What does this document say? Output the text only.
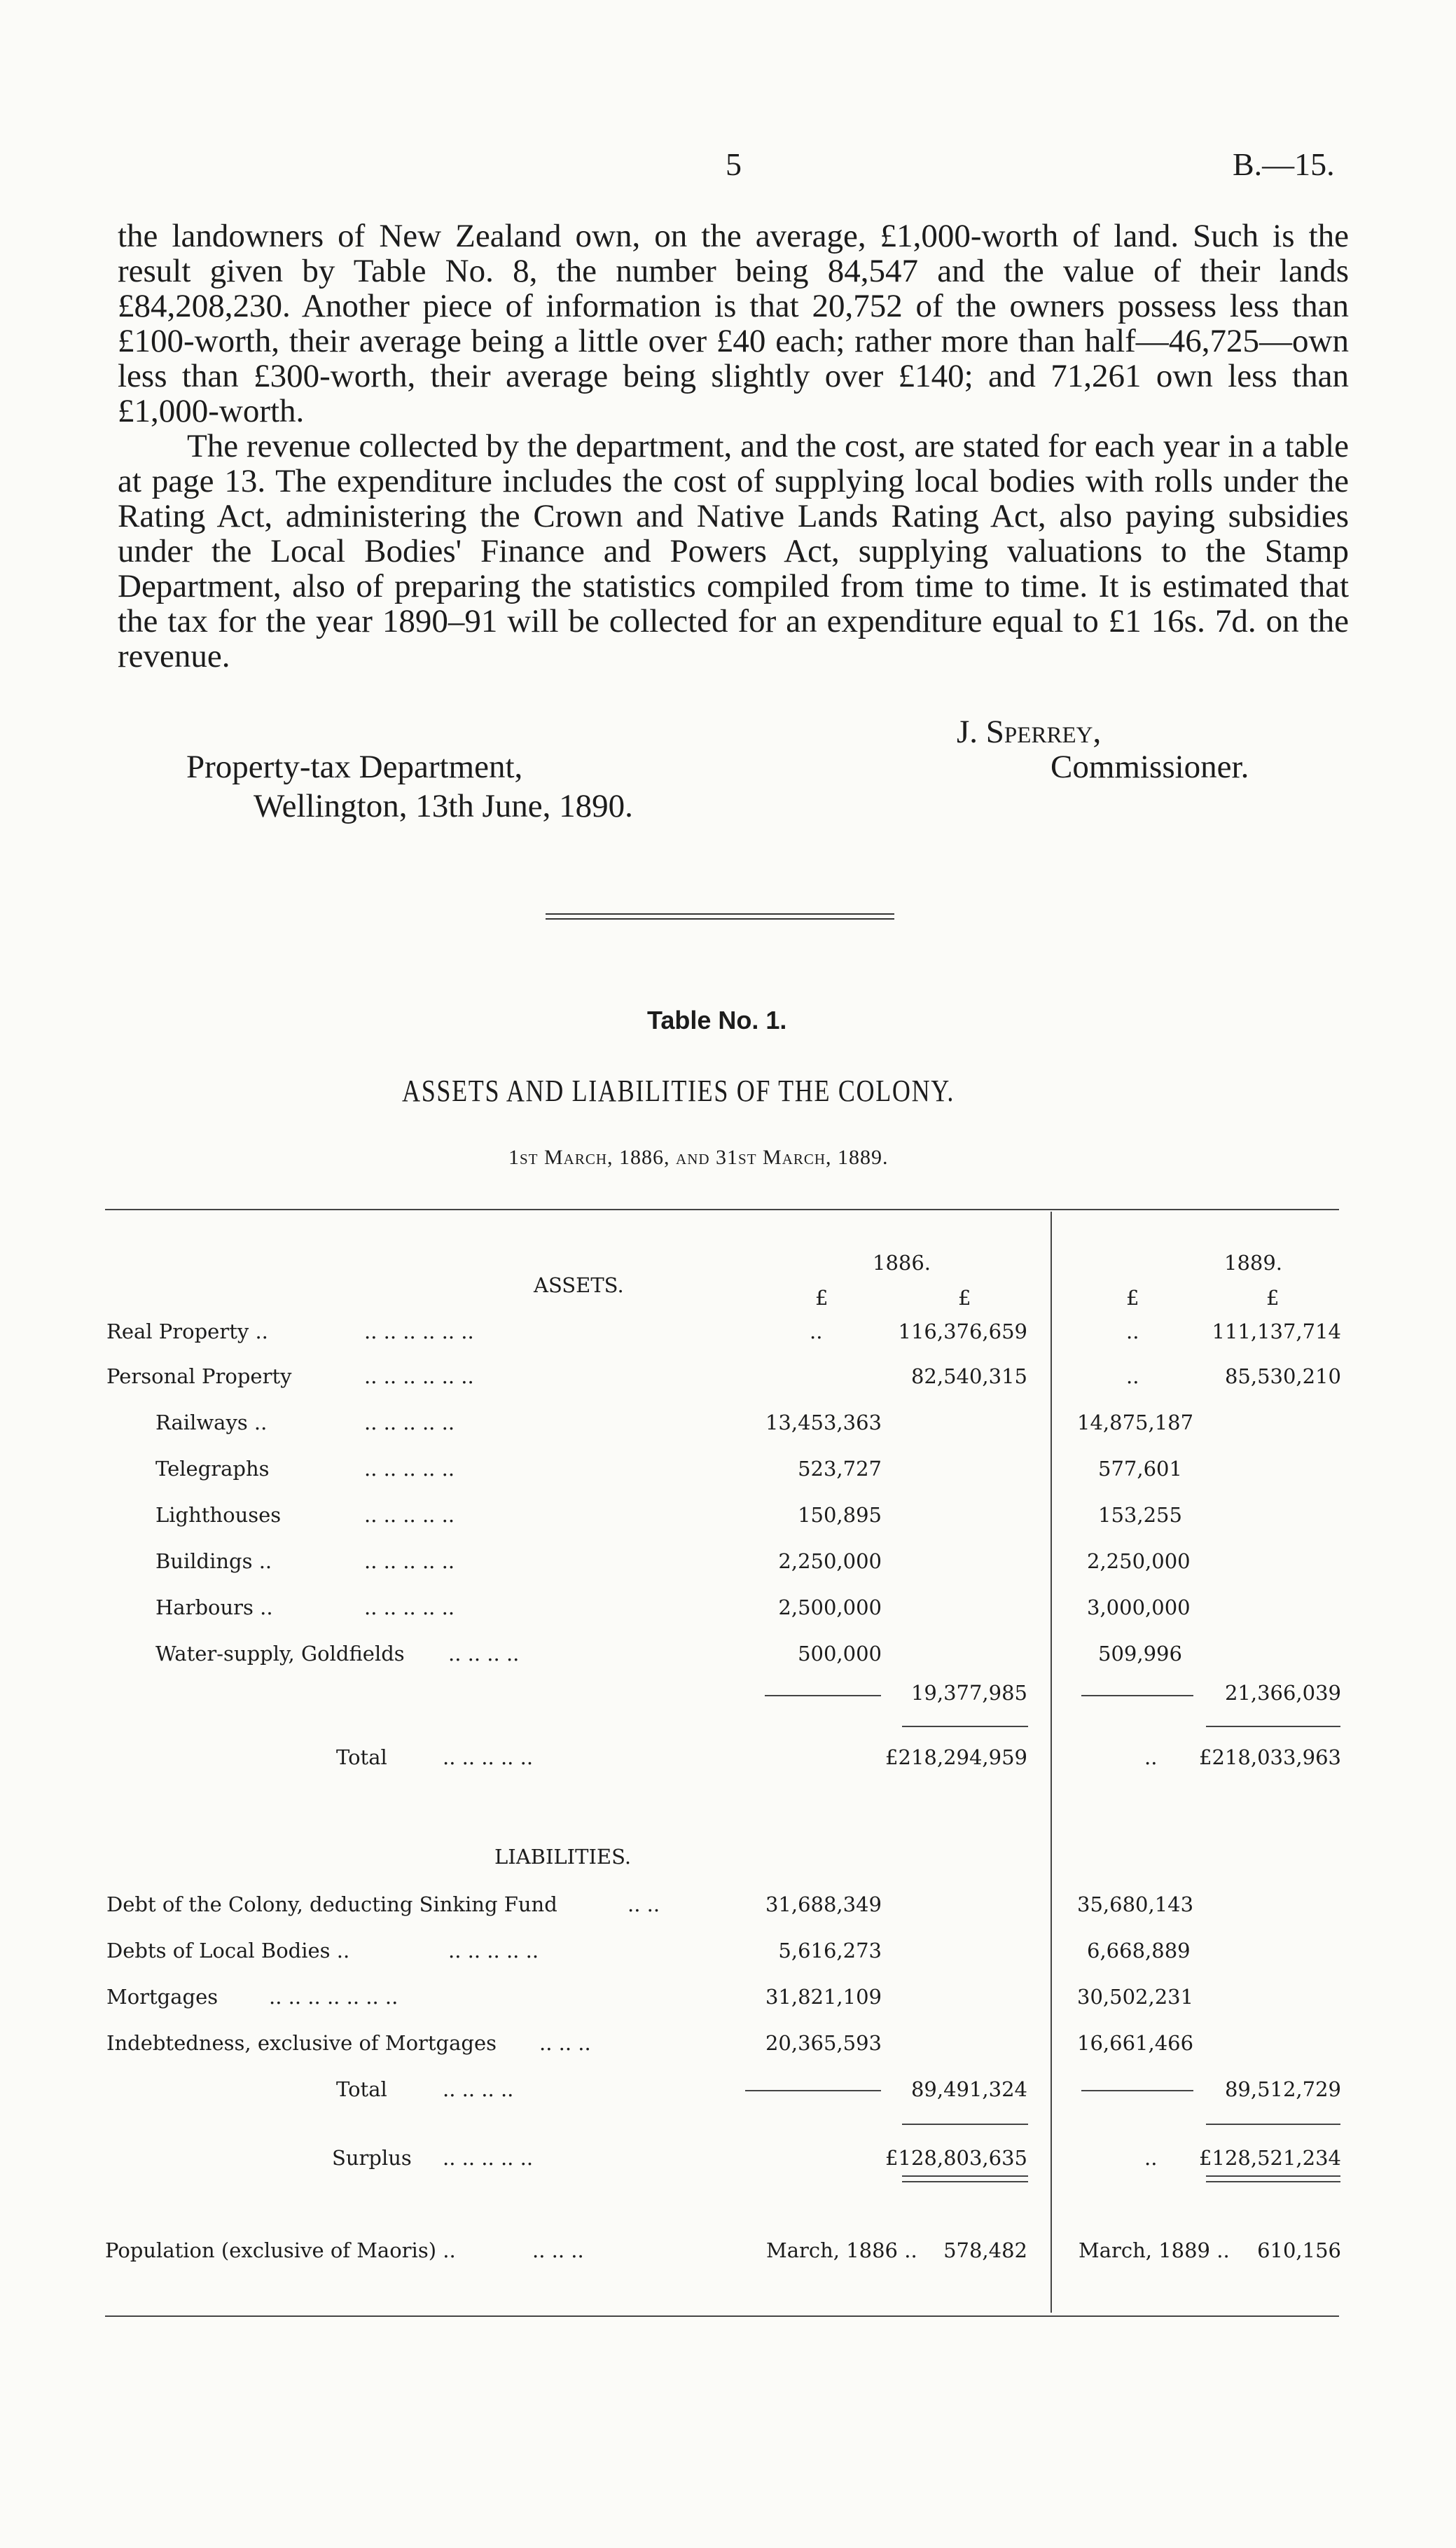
5	B.—15.

the landowners of New Zealand own, on the average, £1,000-worth of land. Such is the result given by Table No. 8, the number being 84,547 and the value of their lands £84,208,230. Another piece of information is that 20,752 of the owners possess less than £100-worth, their average being a little over £40 each; rather more than half—46,725—own less than £300-worth, their average being slightly over £140; and 71,261 own less than £1,000-worth.

The revenue collected by the department, and the cost, are stated for each year in a table at page 13. The expenditure includes the cost of supplying local bodies with rolls under the Rating Act, administering the Crown and Native Lands Rating Act, also paying subsidies under the Local Bodies' Finance and Powers Act, supplying valuations to the Stamp Department, also of preparing the statistics compiled from time to time. It is estimated that the tax for the year 1890–91 will be collected for an expenditure equal to £1 16s. 7d. on the revenue.

J. Sperrey,
Commissioner.
Property-tax Department,
Wellington, 13th June, 1890.
Table No. 1.
ASSETS AND LIABILITIES OF THE COLONY.
1st March, 1886, and 31st March, 1889.
1886.	1889.
ASSETS.
£	£	£	£
Real Property ..	.. .. .. .. .. ..	..	116,376,659	..	111,137,714
Personal Property	.. .. .. .. .. ..	82,540,315	..	85,530,210
Railways ..	.. .. .. .. ..	13,453,363	14,875,187
Telegraphs	.. .. .. .. ..	523,727	577,601
Lighthouses	.. .. .. .. ..	150,895	153,255
Buildings ..	.. .. .. .. ..	2,250,000	2,250,000
Harbours ..	.. .. .. .. ..	2,500,000	3,000,000
Water-supply, Goldfields .. .. .. ..	500,000	509,996
19,377,985	21,366,039
Total	.. .. .. .. ..	£218,294,959	.. £218,033,963
LIABILITIES.
Debt of the Colony, deducting Sinking Fund	.. ..	31,688,349	35,680,143
Debts of Local Bodies ..	.. .. .. .. ..	5,616,273	6,668,889
Mortgages	.. .. .. .. .. .. ..	31,821,109	30,502,231
Indebtedness, exclusive of Mortgages .. .. ..	20,365,593	16,661,466
Total	.. .. .. ..	89,491,324	89,512,729
Surplus .. .. .. .. ..	£128,803,635	.. £128,521,234
Population (exclusive of Maoris) ..	.. .. ..	March, 1886 .. 578,482	March, 1889 .. 610,156
